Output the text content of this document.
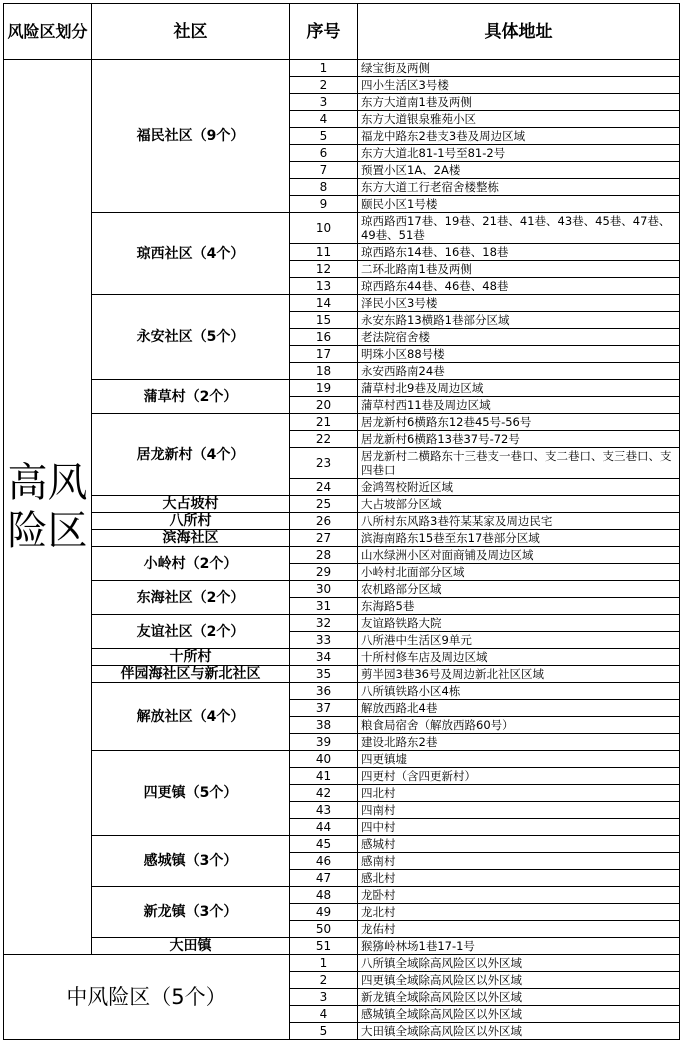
风险区划分	社区	序号	具体地址
高风险区	福民社区（9个）	1	绿宝街及两侧
		2	四小生活区3号楼
		3	东方大道南1巷及两侧
		4	东方大道银泉雅苑小区
		5	福龙中路东2巷支3巷及周边区域
		6	东方大道北81-1号至81-2号
		7	预置小区1A、2A楼
		8	东方大道工行老宿舍楼整栋
		9	颐民小区1号楼
	琼西社区（4个）	10	琼西路西17巷、19巷、21巷、41巷、43巷、45巷、47巷、49巷、51巷
		11	琼西路东14巷、16巷、18巷
		12	二环北路南1巷及两侧
		13	琼西路东44巷、46巷、48巷
	永安社区（5个）	14	泽民小区3号楼
		15	永安东路13横路1巷部分区域
		16	老法院宿舍楼
		17	明珠小区88号楼
		18	永安西路南24巷
	蒲草村（2个）	19	蒲草村北9巷及周边区域
		20	蒲草村西11巷及周边区域
	居龙新村（4个）	21	居龙新村6横路东12巷45号-56号
		22	居龙新村6横路13巷37号-72号
		23	居龙新村二横路东十三巷支一巷口、支二巷口、支三巷口、支四巷口
		24	金鸿驾校附近区域
	大占坡村	25	大占坡部分区域
	八所村	26	八所村东风路3巷符某某家及周边民宅
	滨海社区	27	滨海南路东15巷至东17巷部分区域
	小岭村（2个）	28	山水绿洲小区对面商铺及周边区域
		29	小岭村北面部分区域
	东海社区（2个）	30	农机路部分区域
		31	东海路5巷
	友谊社区（2个）	32	友谊路铁路大院
		33	八所港中生活区9单元
	十所村	34	十所村修车店及周边区域
	伴园海社区与新北社区	35	剪半园3巷36号及周边新北社区区域
	解放社区（4个）	36	八所镇铁路小区4栋
		37	解放西路北4巷
		38	粮食局宿舍（解放西路60号）
		39	建设北路东2巷
	四更镇（5个）	40	四更镇墟
		41	四更村（含四更新村）
		42	四北村
		43	四南村
		44	四中村
	感城镇（3个）	45	感城村
		46	感南村
		47	感北村
	新龙镇（3个）	48	龙卧村
		49	龙北村
		50	龙佑村
	大田镇	51	猴猕岭林场1巷17-1号
中风险区（5个）		1	八所镇全域除高风险区以外区域
		2	四更镇全域除高风险区以外区域
		3	新龙镇全域除高风险区以外区域
		4	感城镇全域除高风险区以外区域
		5	大田镇全域除高风险区以外区域
